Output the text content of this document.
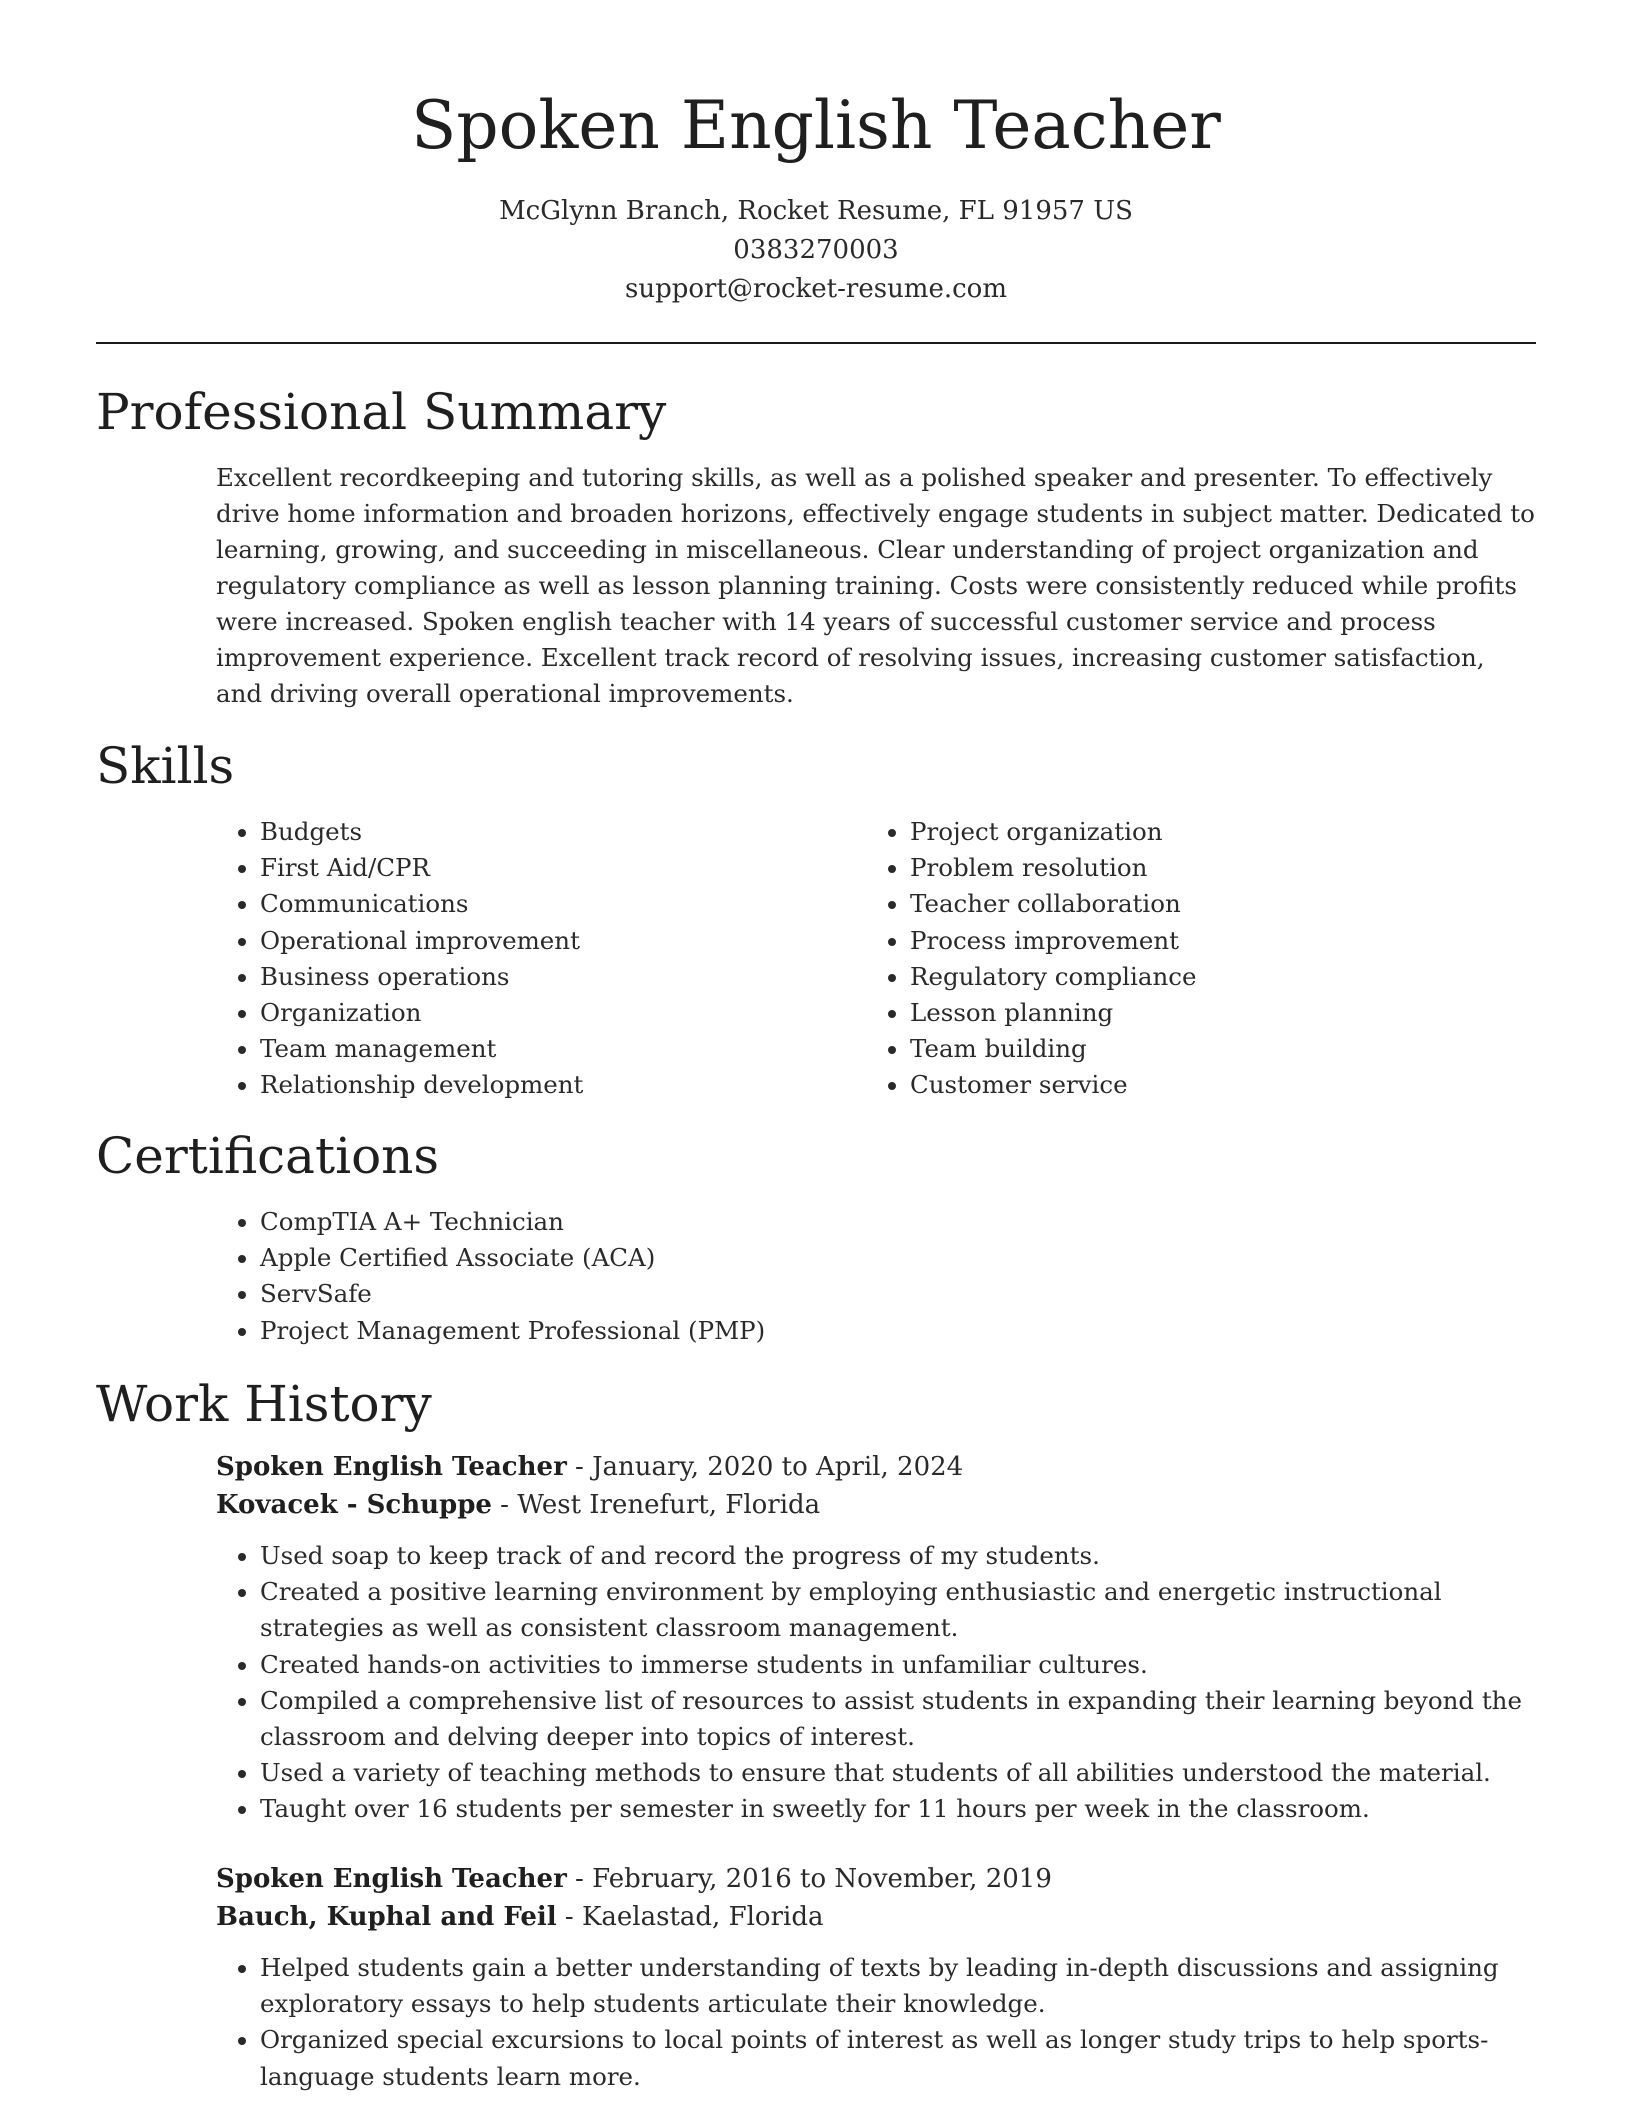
Spoken English Teacher
McGlynn Branch, Rocket Resume, FL 91957 US
0383270003
support@rocket-resume.com
Professional Summary
Excellent recordkeeping and tutoring skills, as well as a polished speaker and presenter. To effectively drive home information and broaden horizons, effectively engage students in subject matter. Dedicated to learning, growing, and succeeding in miscellaneous. Clear understanding of project organization and regulatory compliance as well as lesson planning training. Costs were consistently reduced while profits were increased. Spoken english teacher with 14 years of successful customer service and process improvement experience. Excellent track record of resolving issues, increasing customer satisfaction, and driving overall operational improvements.
Skills
• Budgets
• First Aid/CPR
• Communications
• Operational improvement
• Business operations
• Organization
• Team management
• Relationship development
• Project organization
• Problem resolution
• Teacher collaboration
• Process improvement
• Regulatory compliance
• Lesson planning
• Team building
• Customer service
Certifications
• CompTIA A+ Technician
• Apple Certified Associate (ACA)
• ServSafe
• Project Management Professional (PMP)
Work History
Spoken English Teacher - January, 2020 to April, 2024
Kovacek - Schuppe - West Irenefurt, Florida
• Used soap to keep track of and record the progress of my students.
• Created a positive learning environment by employing enthusiastic and energetic instructional strategies as well as consistent classroom management.
• Created hands-on activities to immerse students in unfamiliar cultures.
• Compiled a comprehensive list of resources to assist students in expanding their learning beyond the classroom and delving deeper into topics of interest.
• Used a variety of teaching methods to ensure that students of all abilities understood the material.
• Taught over 16 students per semester in sweetly for 11 hours per week in the classroom.
Spoken English Teacher - February, 2016 to November, 2019
Bauch, Kuphal and Feil - Kaelastad, Florida
• Helped students gain a better understanding of texts by leading in-depth discussions and assigning exploratory essays to help students articulate their knowledge.
• Organized special excursions to local points of interest as well as longer study trips to help sports-language students learn more.
